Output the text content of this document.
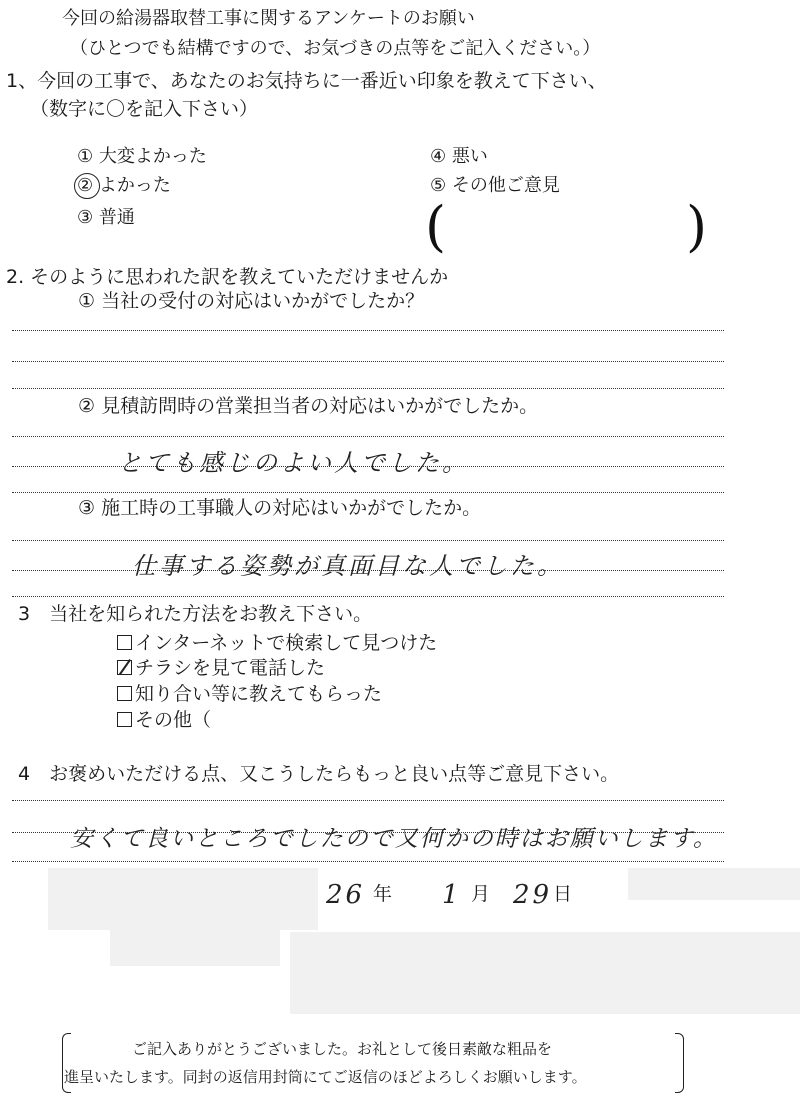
今回の給湯器取替工事に関するアンケートのお願い
（ひとつでも結構ですので、お気づきの点等をご記入ください。）
1、今回の工事で、あなたのお気持ちに一番近い印象を教えて下さい、
（数字に〇を記入下さい）
① 大変よかった
② よかった
③ 普通
④ 悪い
⑤ その他ご意見
(	)
2. そのように思われた訳を教えていただけませんか
① 当社の受付の対応はいかがでしたか？
② 見積訪問時の営業担当者の対応はいかがでしたか。
とても感じのよい人でした。
③ 施工時の工事職人の対応はいかがでしたか。
仕事する姿勢が真面目な人でした。
3　当社を知られた方法をお教え下さい。
インターネットで検索して見つけた
チラシを見て電話した
知り合い等に教えてもらった
その他（
4　お褒めいただける点、又こうしたらもっと良い点等ご意見下さい。
安くて良いところでしたので又何かの時はお願いします。
26 年 1 月 29 日
ご記入ありがとうございました。お礼として後日素敵な粗品を
進呈いたします。同封の返信用封筒にてご返信のほどよろしくお願いします。
